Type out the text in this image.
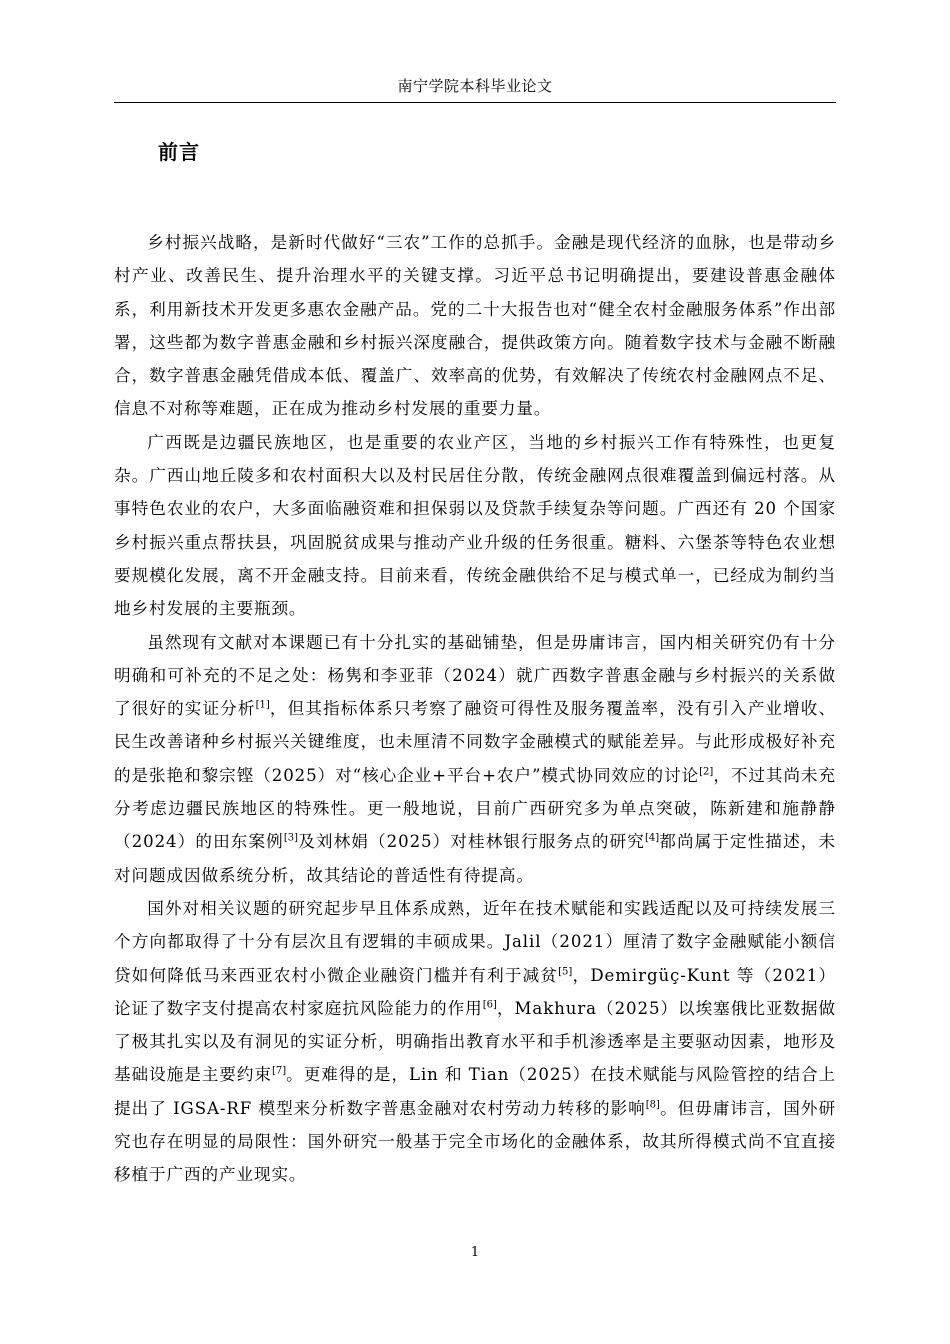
南宁学院本科毕业论文
前言

乡村振兴战略，是新时代做好“三农”工作的总抓手。金融是现代经济的血脉，也是带动乡村产业、改善民生、提升治理水平的关键支撑。习近平总书记明确提出，要建设普惠金融体系，利用新技术开发更多惠农金融产品。党的二十大报告也对“健全农村金融服务体系”作出部署，这些都为数字普惠金融和乡村振兴深度融合，提供政策方向。随着数字技术与金融不断融合，数字普惠金融凭借成本低、覆盖广、效率高的优势，有效解决了传统农村金融网点不足、信息不对称等难题，正在成为推动乡村发展的重要力量。

广西既是边疆民族地区，也是重要的农业产区，当地的乡村振兴工作有特殊性，也更复杂。广西山地丘陵多和农村面积大以及村民居住分散，传统金融网点很难覆盖到偏远村落。从事特色农业的农户，大多面临融资难和担保弱以及贷款手续复杂等问题。广西还有 20 个国家乡村振兴重点帮扶县，巩固脱贫成果与推动产业升级的任务很重。糖料、六堡茶等特色农业想要规模化发展，离不开金融支持。目前来看，传统金融供给不足与模式单一，已经成为制约当地乡村发展的主要瓶颈。

虽然现有文献对本课题已有十分扎实的基础铺垫，但是毋庸讳言，国内相关研究仍有十分明确和可补充的不足之处：杨隽和李亚菲（2024）就广西数字普惠金融与乡村振兴的关系做了很好的实证分析[1]，但其指标体系只考察了融资可得性及服务覆盖率，没有引入产业增收、民生改善诸种乡村振兴关键维度，也未厘清不同数字金融模式的赋能差异。与此形成极好补充的是张艳和黎宗铿（2025）对“核心企业+平台+农户”模式协同效应的讨论[2]，不过其尚未充分考虑边疆民族地区的特殊性。更一般地说，目前广西研究多为单点突破，陈新建和施静静（2024）的田东案例[3]及刘林娟（2025）对桂林银行服务点的研究[4]都尚属于定性描述，未对问题成因做系统分析，故其结论的普适性有待提高。

国外对相关议题的研究起步早且体系成熟，近年在技术赋能和实践适配以及可持续发展三个方向都取得了十分有层次且有逻辑的丰硕成果。Jalil（2021）厘清了数字金融赋能小额信贷如何降低马来西亚农村小微企业融资门槛并有利于减贫[5]，Demirgüç-Kunt 等（2021）论证了数字支付提高农村家庭抗风险能力的作用[6]，Makhura（2025）以埃塞俄比亚数据做了极其扎实以及有洞见的实证分析，明确指出教育水平和手机渗透率是主要驱动因素，地形及基础设施是主要约束[7]。更难得的是，Lin 和 Tian（2025）在技术赋能与风险管控的结合上提出了 IGSA-RF 模型来分析数字普惠金融对农村劳动力转移的影响[8]。但毋庸讳言，国外研究也存在明显的局限性：国外研究一般基于完全市场化的金融体系，故其所得模式尚不宜直接移植于广西的产业现实。

1
